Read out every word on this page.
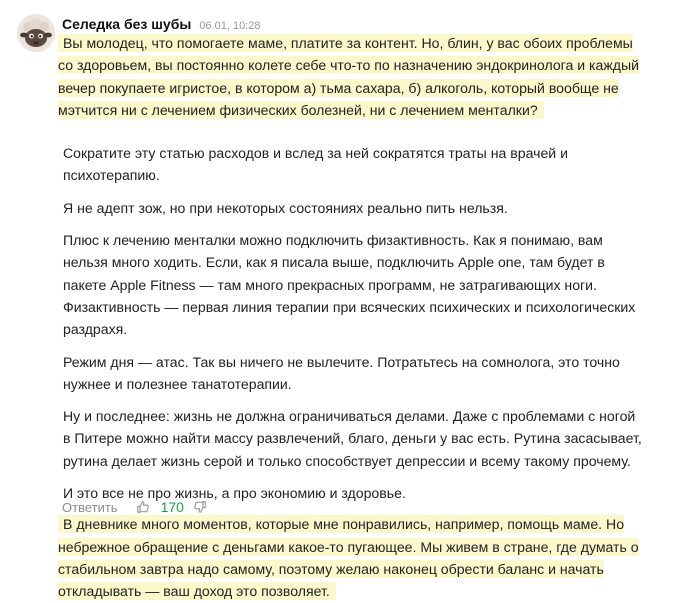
Селедка без шубы 06.01, 10:28

Вы молодец, что помогаете маме, платите за контент. Но, блин, у вас обоих проблемы со здоровьем, вы постоянно колете себе что-то по назначению эндокринолога и каждый вечер покупаете игристое, в котором а) тьма сахара, б) алкоголь, который вообще не мэтчится ни с лечением физических болезней, ни с лечением менталки?

Сократите эту статью расходов и вслед за ней сократятся траты на врачей и психотерапию.

Я не адепт зож, но при некоторых состояниях реально пить нельзя.

Плюс к лечению менталки можно подключить физактивность. Как я понимаю, вам нельзя много ходить. Если, как я писала выше, подключить Apple one, там будет в пакете Apple Fitness — там много прекрасных программ, не затрагивающих ноги. Физактивность — первая линия терапии при всяческих психических и психологических раздрахя.

Режим дня — атас. Так вы ничего не вылечите. Потратьтесь на сомнолога, это точно нужнее и полезнее танатотерапии.

Ну и последнее: жизнь не должна ограничиваться делами. Даже с проблемами с ногой в Питере можно найти массу развлечений, благо, деньги у вас есть. Рутина засасывает, рутина делает жизнь серой и только способствует депрессии и всему такому прочему.

И это все не про жизнь, а про экономию и здоровье.

В дневнике много моментов, которые мне понравились, например, помощь маме. Но небрежное обращение с деньгами какое-то пугающее. Мы живем в стране, где думать о стабильном завтра надо самому, поэтому желаю наконец обрести баланс и начать откладывать — ваш доход это позволяет.

Ответить	170
